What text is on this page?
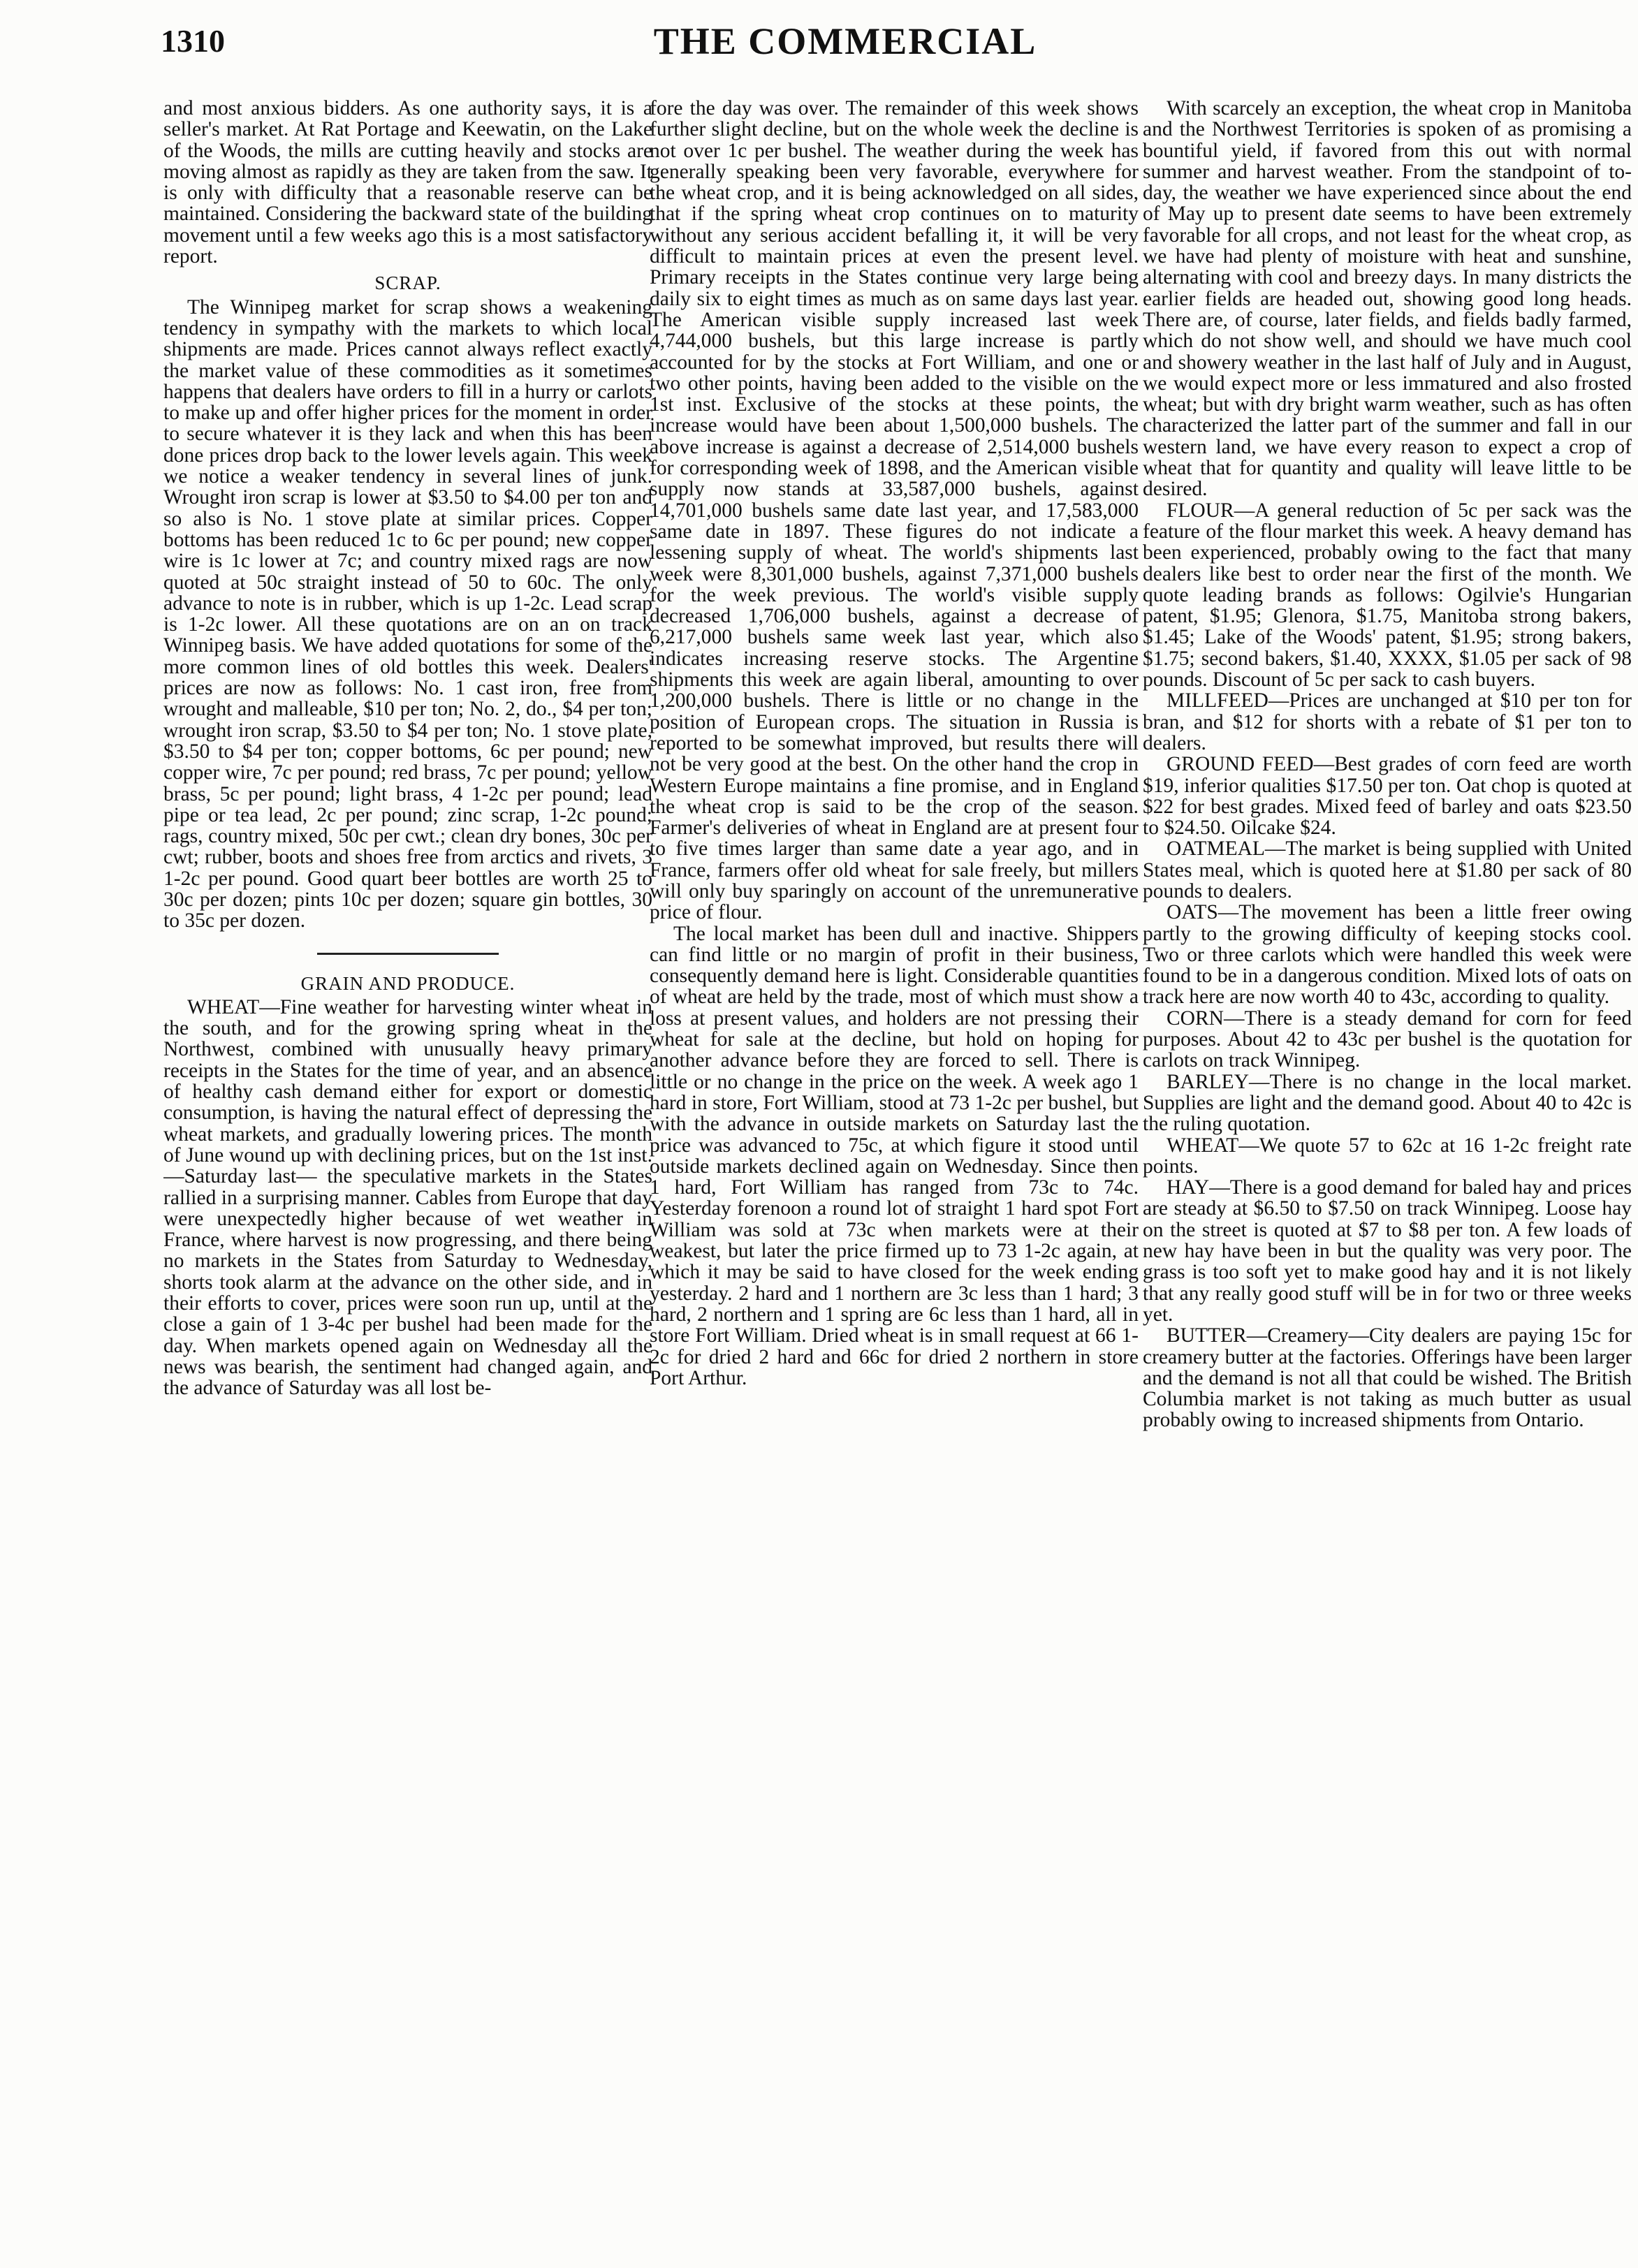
1310	THE COMMERCIAL

and most anxious bidders. As one authority says, it is a seller's market. At Rat Portage and Keewatin, on the Lake of the Woods, the mills are cutting heavily and stocks are moving almost as rapidly as they are taken from the saw. It is only with difficulty that a reasonable reserve can be maintained. Considering the backward state of the building movement until a few weeks ago this is a most satisfactory report.

SCRAP.

The Winnipeg market for scrap shows a weakening tendency in sympathy with the markets to which local shipments are made. Prices cannot always reflect exactly the market value of these commodities as it sometimes happens that dealers have orders to fill in a hurry or carlots to make up and offer higher prices for the moment in order to secure whatever it is they lack and when this has been done prices drop back to the lower levels again. This week we notice a weaker tendency in several lines of junk. Wrought iron scrap is lower at $3.50 to $4.00 per ton and so also is No. 1 stove plate at similar prices. Copper bottoms has been reduced 1c to 6c per pound; new copper wire is 1c lower at 7c; and country mixed rags are now quoted at 50c straight instead of 50 to 60c. The only advance to note is in rubber, which is up 1-2c. Lead scrap is 1-2c lower. All these quotations are on an on track Winnipeg basis. We have added quotations for some of the more common lines of old bottles this week. Dealers' prices are now as follows: No. 1 cast iron, free from wrought and malleable, $10 per ton; No. 2, do., $4 per ton; wrought iron scrap, $3.50 to $4 per ton; No. 1 stove plate, $3.50 to $4 per ton; copper bottoms, 6c per pound; new copper wire, 7c per pound; red brass, 7c per pound; yellow brass, 5c per pound; light brass, 4 1-2c per pound; lead pipe or tea lead, 2c per pound; zinc scrap, 1-2c pound; rags, country mixed, 50c per cwt.; clean dry bones, 30c per cwt; rubber, boots and shoes free from arctics and rivets, 3 1-2c per pound. Good quart beer bottles are worth 25 to 30c per dozen; pints 10c per dozen; square gin bottles, 30 to 35c per dozen.

GRAIN AND PRODUCE.

WHEAT—Fine weather for harvesting winter wheat in the south, and for the growing spring wheat in the Northwest, combined with unusually heavy primary receipts in the States for the time of year, and an absence of healthy cash demand either for export or domestic consumption, is having the natural effect of depressing the wheat markets, and gradually lowering prices. The month of June wound up with declining prices, but on the 1st inst.—Saturday last— the speculative markets in the States rallied in a surprising manner. Cables from Europe that day were unexpectedly higher because of wet weather in France, where harvest is now progressing, and there being no markets in the States from Saturday to Wednesday, shorts took alarm at the advance on the other side, and in their efforts to cover, prices were soon run up, until at the close a gain of 1 3-4c per bushel had been made for the day. When markets opened again on Wednesday all the news was bearish, the sentiment had changed again, and the advance of Saturday was all lost be-

fore the day was over. The remainder of this week shows further slight decline, but on the whole week the decline is not over 1c per bushel. The weather during the week has generally speaking been very favorable, everywhere for the wheat crop, and it is being acknowledged on all sides, that if the spring wheat crop continues on to maturity without any serious accident befalling it, it will be very difficult to maintain prices at even the present level. Primary receipts in the States continue very large being daily six to eight times as much as on same days last year. The American visible supply increased last week 4,744,000 bushels, but this large increase is partly accounted for by the stocks at Fort William, and one or two other points, having been added to the visible on the 1st inst. Exclusive of the stocks at these points, the increase would have been about 1,500,000 bushels. The above increase is against a decrease of 2,514,000 bushels for corresponding week of 1898, and the American visible supply now stands at 33,587,000 bushels, against 14,701,000 bushels same date last year, and 17,583,000 same date in 1897. These figures do not indicate a lessening supply of wheat. The world's shipments last week were 8,301,000 bushels, against 7,371,000 bushels for the week previous. The world's visible supply decreased 1,706,000 bushels, against a decrease of 6,217,000 bushels same week last year, which also indicates increasing reserve stocks. The Argentine shipments this week are again liberal, amounting to over 1,200,000 bushels. There is little or no change in the position of European crops. The situation in Russia is reported to be somewhat improved, but results there will not be very good at the best. On the other hand the crop in Western Europe maintains a fine promise, and in England the wheat crop is said to be the crop of the season. Farmer's deliveries of wheat in England are at present four to five times larger than same date a year ago, and in France, farmers offer old wheat for sale freely, but millers will only buy sparingly on account of the unremunerative price of flour.

The local market has been dull and inactive. Shippers can find little or no margin of profit in their business, consequently demand here is light. Considerable quantities of wheat are held by the trade, most of which must show a loss at present values, and holders are not pressing their wheat for sale at the decline, but hold on hoping for another advance before they are forced to sell. There is little or no change in the price on the week. A week ago 1 hard in store, Fort William, stood at 73 1-2c per bushel, but with the advance in outside markets on Saturday last the price was advanced to 75c, at which figure it stood until outside markets declined again on Wednesday. Since then 1 hard, Fort William has ranged from 73c to 74c. Yesterday forenoon a round lot of straight 1 hard spot Fort William was sold at 73c when markets were at their weakest, but later the price firmed up to 73 1-2c again, at which it may be said to have closed for the week ending yesterday. 2 hard and 1 northern are 3c less than 1 hard; 3 hard, 2 northern and 1 spring are 6c less than 1 hard, all in store Fort William. Dried wheat is in small request at 66 1-2c for dried 2 hard and 66c for dried 2 northern in store Port Arthur.

With scarcely an exception, the wheat crop in Manitoba and the Northwest Territories is spoken of as promising a bountiful yield, if favored from this out with normal summer and harvest weather. From the standpoint of to-day, the weather we have experienced since about the end of May up to present date seems to have been extremely favorable for all crops, and not least for the wheat crop, as we have had plenty of moisture with heat and sunshine, alternating with cool and breezy days. In many districts the earlier fields are headed out, showing good long heads. There are, of course, later fields, and fields badly farmed, which do not show well, and should we have much cool and showery weather in the last half of July and in August, we would expect more or less immatured and also frosted wheat; but with dry bright warm weather, such as has often characterized the latter part of the summer and fall in our western land, we have every reason to expect a crop of wheat that for quantity and quality will leave little to be desired.

FLOUR—A general reduction of 5c per sack was the feature of the flour market this week. A heavy demand has been experienced, probably owing to the fact that many dealers like best to order near the first of the month. We quote leading brands as follows: Ogilvie's Hungarian patent, $1.95; Glenora, $1.75, Manitoba strong bakers, $1.45; Lake of the Woods' patent, $1.95; strong bakers, $1.75; second bakers, $1.40, XXXX, $1.05 per sack of 98 pounds. Discount of 5c per sack to cash buyers.

MILLFEED—Prices are unchanged at $10 per ton for bran, and $12 for shorts with a rebate of $1 per ton to dealers.

GROUND FEED—Best grades of corn feed are worth $19, inferior qualities $17.50 per ton. Oat chop is quoted at $22 for best grades. Mixed feed of barley and oats $23.50 to $24.50. Oilcake $24.

OATMEAL—The market is being supplied with United States meal, which is quoted here at $1.80 per sack of 80 pounds to dealers.

OATS—The movement has been a little freer owing partly to the growing difficulty of keeping stocks cool. Two or three carlots which were handled this week were found to be in a dangerous condition. Mixed lots of oats on track here are now worth 40 to 43c, according to quality.

CORN—There is a steady demand for corn for feed purposes. About 42 to 43c per bushel is the quotation for carlots on track Winnipeg.

BARLEY—There is no change in the local market. Supplies are light and the demand good. About 40 to 42c is the ruling quotation.

WHEAT—We quote 57 to 62c at 16 1-2c freight rate points.

HAY—There is a good demand for baled hay and prices are steady at $6.50 to $7.50 on track Winnipeg. Loose hay on the street is quoted at $7 to $8 per ton. A few loads of new hay have been in but the quality was very poor. The grass is too soft yet to make good hay and it is not likely that any really good stuff will be in for two or three weeks yet.

BUTTER—Creamery—City dealers are paying 15c for creamery butter at the factories. Offerings have been larger and the demand is not all that could be wished. The British Columbia market is not taking as much butter as usual probably owing to increased shipments from Ontario.
